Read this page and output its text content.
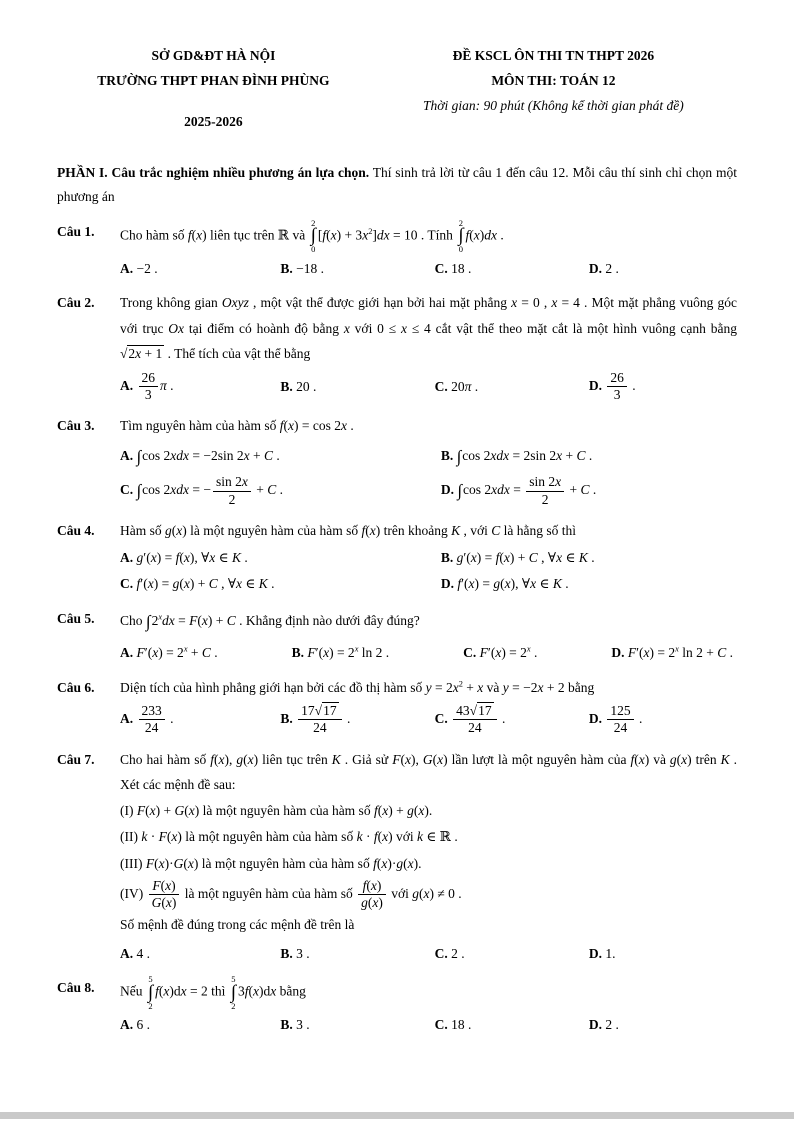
SỞ GD&ĐT HÀ NỘI
TRƯỜNG THPT PHAN ĐÌNH PHÙNG
2025-2026
ĐỀ KSCL ÔN THI TN THPT 2026
MÔN THI: TOÁN 12
Thời gian: 90 phút (Không kể thời gian phát đề)
PHẦN I. Câu trắc nghiệm nhiều phương án lựa chọn. Thí sinh trả lời từ câu 1 đến câu 12. Mỗi câu thí sinh chỉ chọn một phương án
Câu 1.	Cho hàm số f(x) liên tục trên ℝ và
2
∫
0
$[f(x) + 3x^2]dx = 10$ . Tính
2
∫
0
f(x)dx .
A. −2 .	B. −18 .	C. 18 .	D. 2 .
Câu 2.	Trong không gian Oxyz , một vật thể được giới hạn bởi hai mặt phẳng x = 0 , x = 4 . Một mặt phẳng vuông góc với trục Ox tại điểm có hoành độ bằng x với 0 ≤ x ≤ 4 cắt vật thể theo mặt cắt là một hình vuông cạnh bằng √2x + 1 . Thể tích của vật thể bằng
A. $\frac{26}{3}$ π .	B. 20 .	C. 20π .	D. $\frac{26}{3}$ .
Câu 3.	Tìm nguyên hàm của hàm số f(x) = cos 2x .
A. ∫cos 2xdx = −2sin 2x + C .	B. ∫cos 2xdx = 2sin 2x + C .
C. ∫cos 2xdx = − $\frac{\sin 2x}{2} + C$ .	D. ∫cos $2xdx = \frac{\sin 2x}{2} + C$ .
Câu 4.	Hàm số g(x) là một nguyên hàm của hàm số f(x) trên khoảng K , với C là hằng số thì
A. g′(x) = f(x), ∀x ∈ K .	B. g′(x) = f(x) + C , ∀x ∈ K .
C. f′(x) = g(x) + C , ∀x ∈ K .	D. f′(x) = g(x), ∀x ∈ K .
Câu 5.	Cho $\int 2^xdx = F(x) + C$ . Khẳng định nào dưới đây đúng?
A. $F'(x) = 2^x + C$ .	B. $F'(x) = 2^x$ ln 2 .	C. $F'(x) = 2^x$ .	D. $F'(x) = 2^x$ ln 2 + C .
Câu 6.	Diện tích của hình phẳng giới hạn bởi các đồ thị hàm số $y = 2x^2 + x$ và y = −2x + 2 bằng
A. $\frac{233}{24}$ .	B. $\frac{17√17}{24}$ .	C. $\frac{43√17}{24}$ .	D. $\frac{125}{24}$ .
Câu 7.	Cho hai hàm số f(x), g(x) liên tục trên K . Giả sử F(x), G(x) lần lượt là một nguyên hàm của f(x) và g(x) trên K . Xét các mệnh đề sau:
(I) F(x) + G(x) là một nguyên hàm của hàm số f(x) + g(x).
(II) k · F(x) là một nguyên hàm của hàm số k · f(x) với k ∈ ℝ .
(III) F(x)·G(x) là một nguyên hàm của hàm số f(x)·g(x).
$(IV) \frac{F(x)}{G(x)}$ là một nguyên hàm của hàm số $\frac{f(x)}{g(x)}$ với g(x) ≠ 0 .
Số mệnh đề đúng trong các mệnh đề trên là
A. 4 .	B. 3 .	C. 2 .	D. 1.
Câu 8.	Nếu
5
∫
2
f(x)dx = 2 thì
5
∫
2
3f(x)dx bằng
A. 6 .	B. 3 .	C. 18 .	D. 2 .
